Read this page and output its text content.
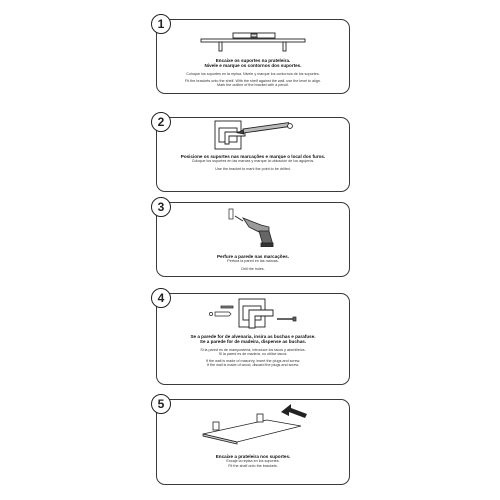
1
Encaixe os suportes na prateleira.
Nivele e marque os contornos dos suportes.
Coloque los soportes en la repisa. Nivele y marque los contornos de los soportes.
Fit the brackets onto the shelf. With the shelf against the wall, use the level to align.
Mark the outline of the bracket with a pencil.
2
Posicione os suportes nas marcações e marque o local dos furos.
Coloque los soportes en las marcas y marque la ubicación de los agujeros.
Use the bracket to mark the point to be drilled.
3
Perfure a parede nas marcações.
Perfora la pared en las marcas.
Drill the holes.
4
Se a parede for de alvenaria, insira as buchas e parafuse.
Se a parede for de madeira, dispense as buchas.
Si la pared es de mamposteria, introduce los tacos y atornillelos.
Si la pared es de madera, no utilice tacos.
If the wall is made of masonry, insert the plugs and screw.
If the wall is made of wood, discard the plugs and screw.
5
Encaixe a prateleira nos suportes.
Encaje la repisa en los soportes.
Fit the shelf onto the brackets.
